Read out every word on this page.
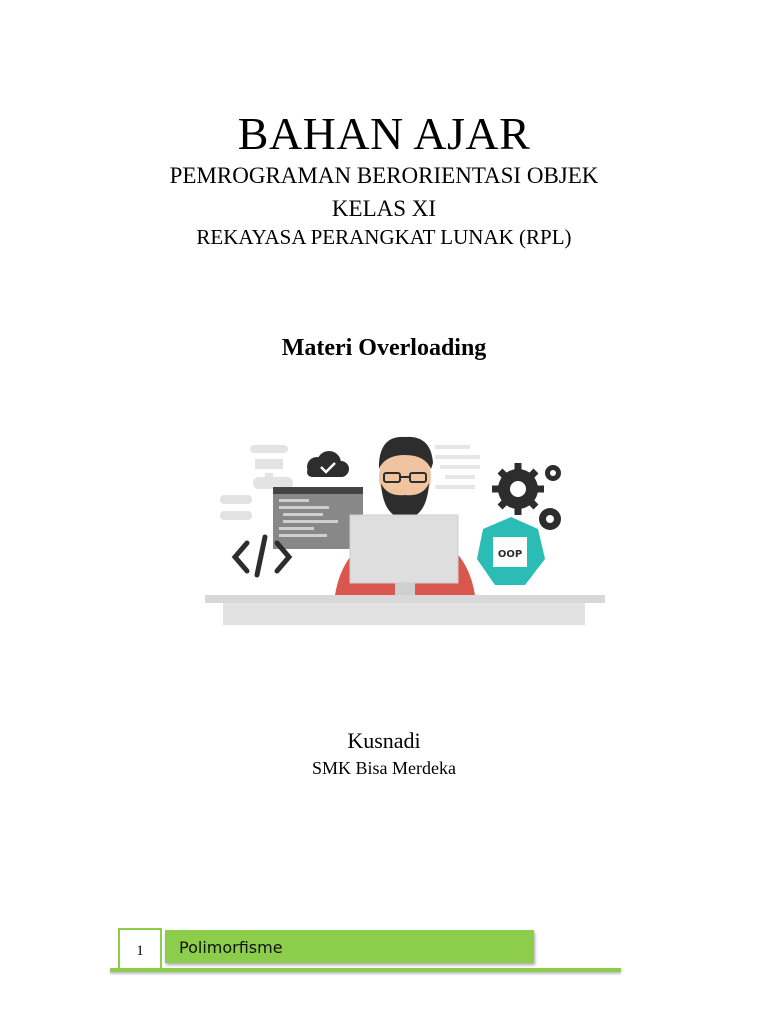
BAHAN AJAR
PEMROGRAMAN BERORIENTASI OBJEK
KELAS XI
REKAYASA PERANGKAT LUNAK (RPL)
Materi Overloading
OOP
Kusnadi
SMK Bisa Merdeka
Polimorfisme
1
